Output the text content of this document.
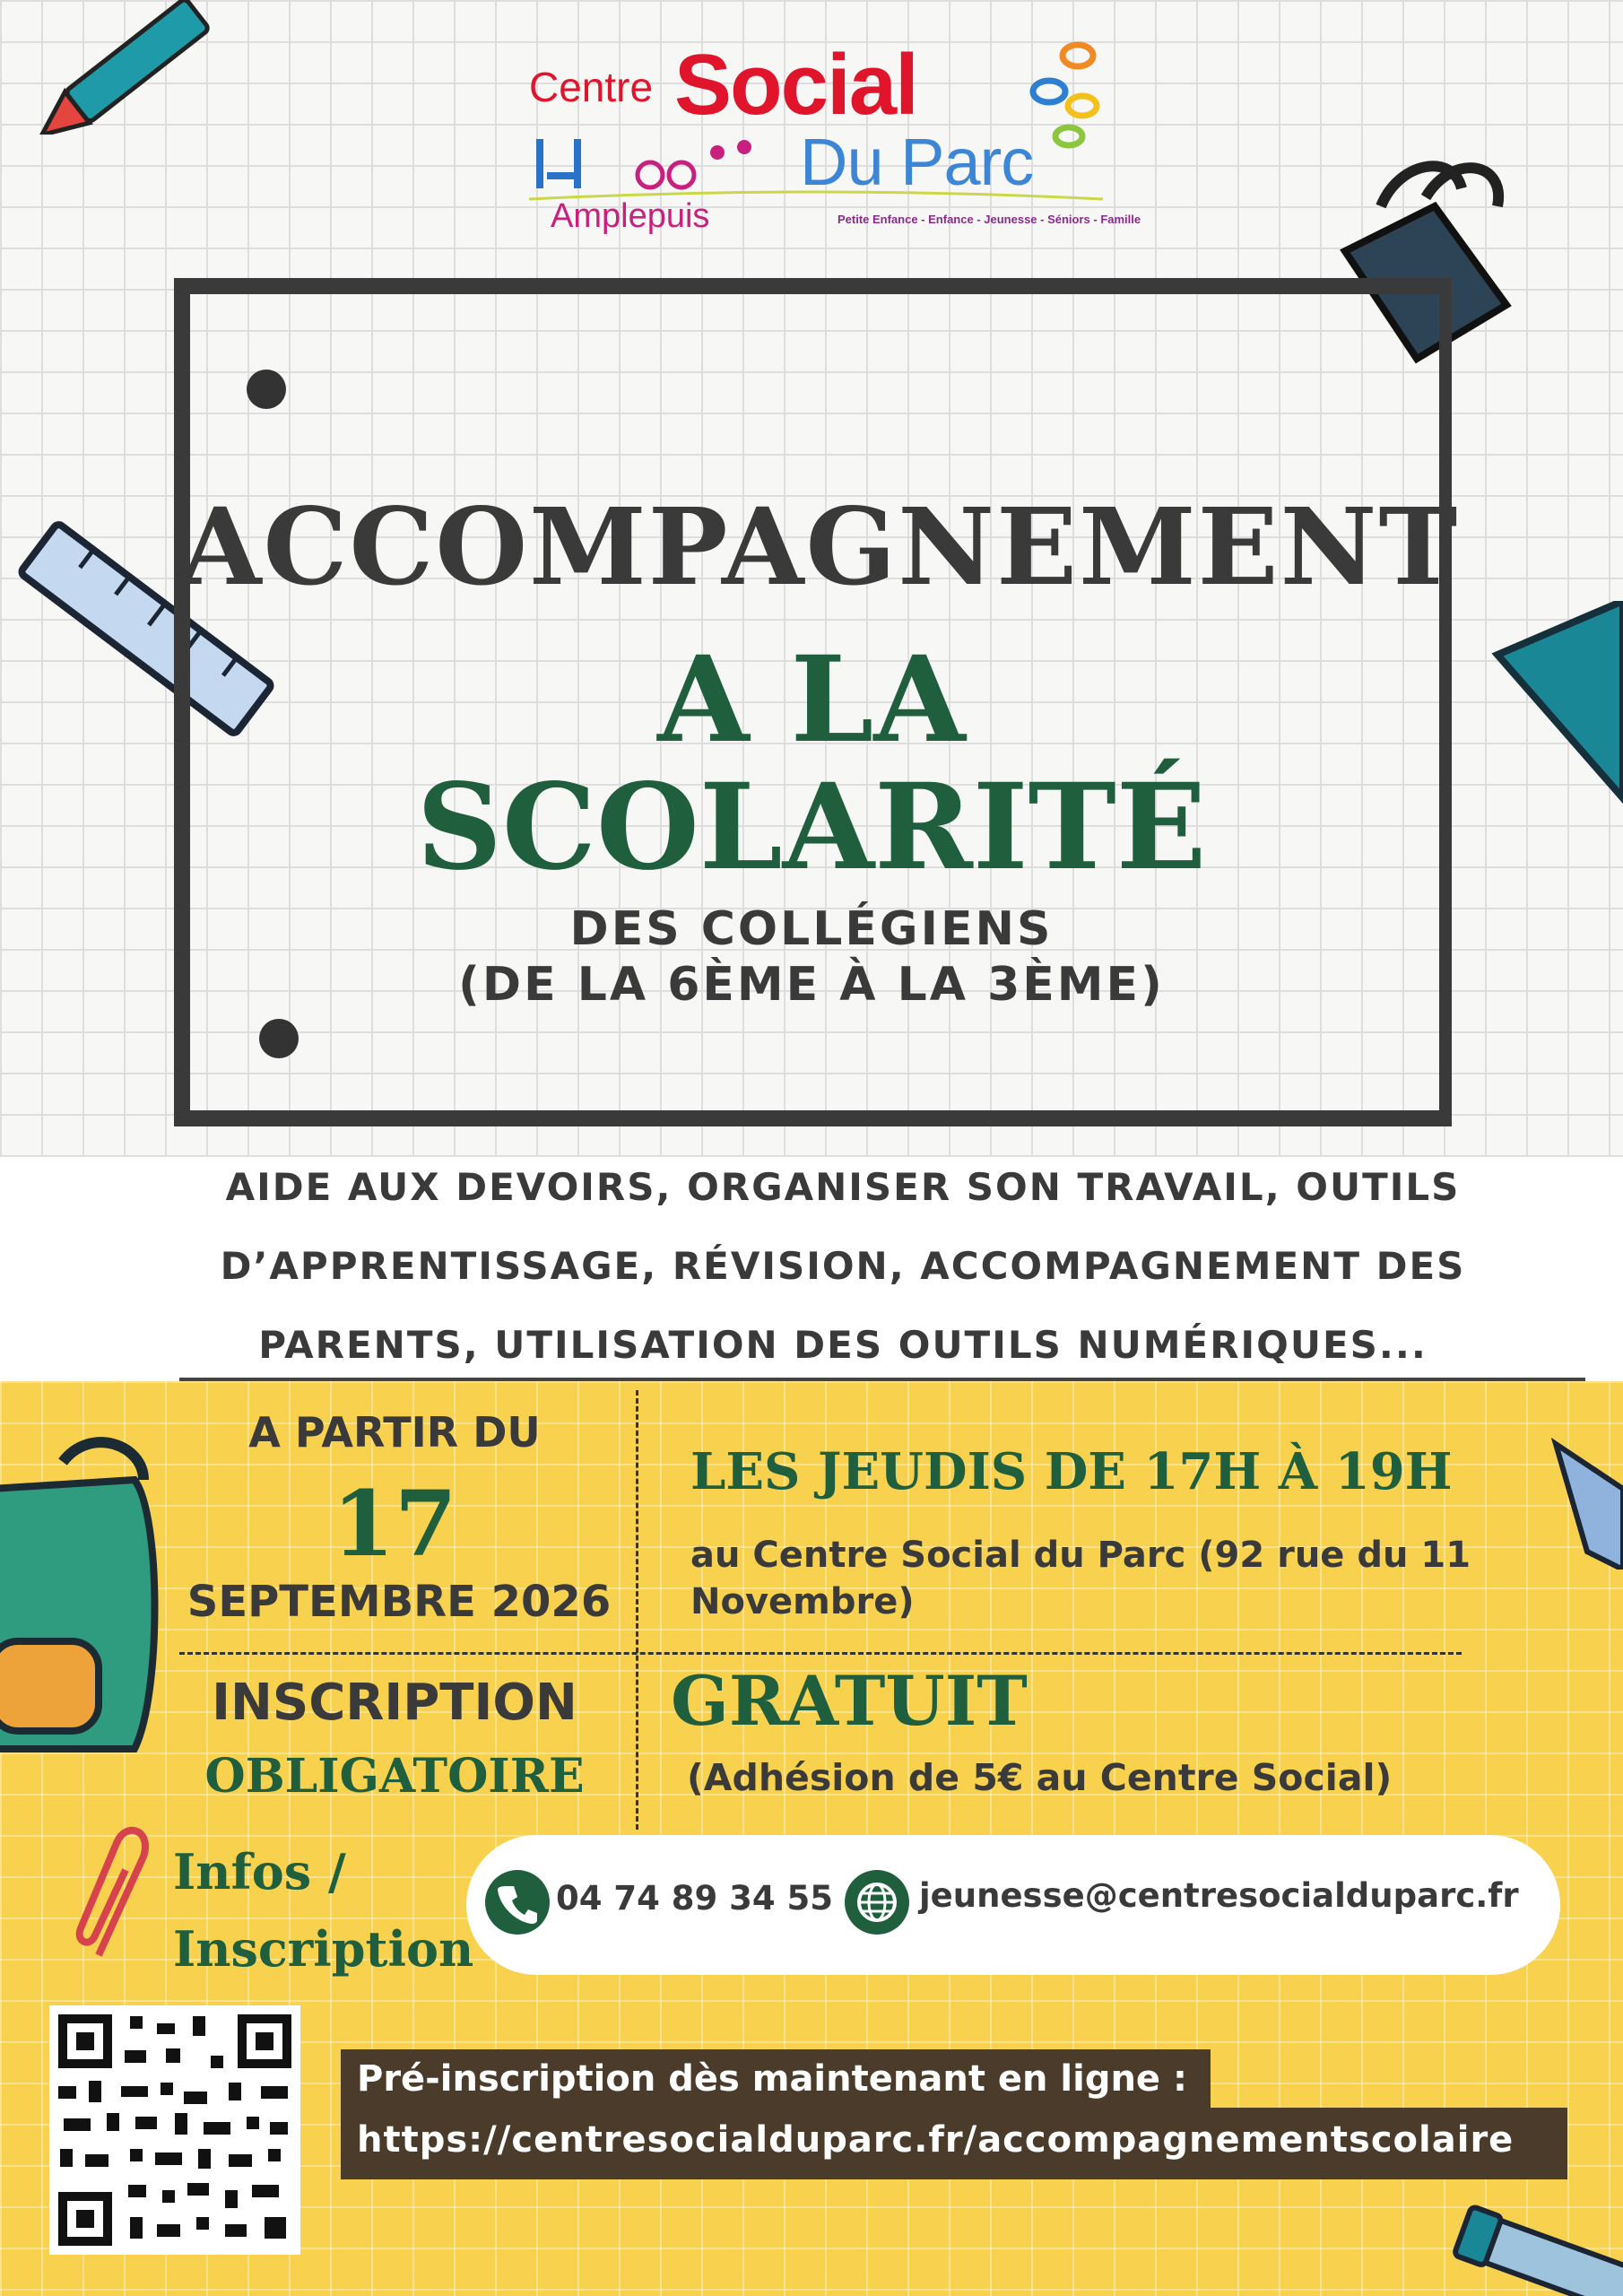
Centre Social
Du Parc
Amplepuis	Petite Enfance - Enfance - Jeunesse - Séniors - Famille
ACCOMPAGNEMENT
A LA
SCOLARITÉ
DES COLLÉGIENS
(DE LA 6ÈME À LA 3ÈME)
AIDE AUX DEVOIRS, ORGANISER SON TRAVAIL, OUTILS
D’APPRENTISSAGE, RÉVISION, ACCOMPAGNEMENT DES
PARENTS, UTILISATION DES OUTILS NUMÉRIQUES...
A PARTIR DU
17
SEPTEMBRE 2026
LES JEUDIS DE 17H À 19H
au Centre Social du Parc (92 rue du 11 Novembre)
INSCRIPTION
OBLIGATOIRE
GRATUIT
(Adhésion de 5€ au Centre Social)
Infos /
Inscription
04 74 89 34 55	jeunesse@centresocialduparc.fr
Pré-inscription dès maintenant en ligne :
https://centresocialduparc.fr/accompagnementscolaire
